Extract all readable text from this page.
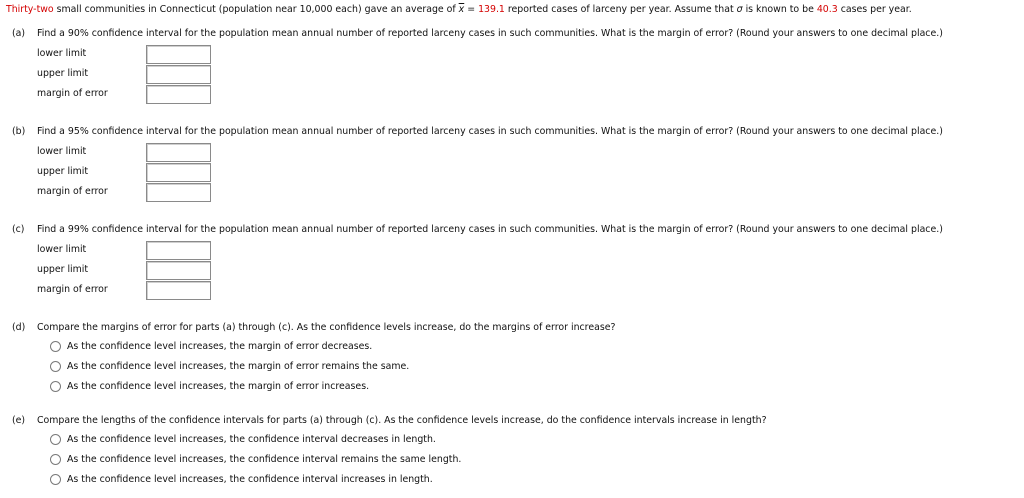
Thirty-two small communities in Connecticut (population near 10,000 each) gave an average of $\overline{x} = 139.1$ reported cases of larceny per year. Assume that σ is known to be 40.3 cases per year.
(a) Find a 90% confidence interval for the population mean annual number of reported larceny cases in such communities. What is the margin of error? (Round your answers to one decimal place.)
lower limit
upper limit
margin of error
(b) Find a 95% confidence interval for the population mean annual number of reported larceny cases in such communities. What is the margin of error? (Round your answers to one decimal place.)
lower limit
upper limit
margin of error
(c) Find a 99% confidence interval for the population mean annual number of reported larceny cases in such communities. What is the margin of error? (Round your answers to one decimal place.)
lower limit
upper limit
margin of error
(d) Compare the margins of error for parts (a) through (c). As the confidence levels increase, do the margins of error increase?
As the confidence level increases, the margin of error decreases.
As the confidence level increases, the margin of error remains the same.
As the confidence level increases, the margin of error increases.
(e) Compare the lengths of the confidence intervals for parts (a) through (c). As the confidence levels increase, do the confidence intervals increase in length?
As the confidence level increases, the confidence interval decreases in length.
As the confidence level increases, the confidence interval remains the same length.
As the confidence level increases, the confidence interval increases in length.
